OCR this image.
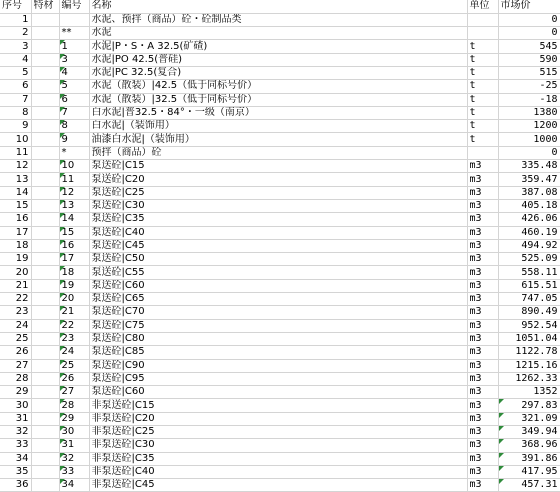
序号	特材	编号	名称	单位	市场价
1			水泥、预拌（商品）砼・砼制品类		0
2		**	水泥		0
3		1	水泥|P・S・A 32.5(矿碴)	t	545
4		3	水泥|PO 42.5(普硅)	t	590
5		4	水泥|PC 32.5(复合)	t	515
6		5	水泥（散装）|42.5（低于同标号价）	t	-25
7		6	水泥（散装）|32.5（低于同标号价）	t	-18
8		7	白水泥|普32.5・84°・一级（南京）	t	1380
9		8	白水泥|（装饰用）	t	1200
10		9	油漆白水泥|（装饰用）	t	1000
11		*	预拌（商品）砼		0
12		10	泵送砼|C15	m3	335.48
13		11	泵送砼|C20	m3	359.47
14		12	泵送砼|C25	m3	387.08
15		13	泵送砼|C30	m3	405.18
16		14	泵送砼|C35	m3	426.06
17		15	泵送砼|C40	m3	460.19
18		16	泵送砼|C45	m3	494.92
19		17	泵送砼|C50	m3	525.09
20		18	泵送砼|C55	m3	558.11
21		19	泵送砼|C60	m3	615.51
22		20	泵送砼|C65	m3	747.05
23		21	泵送砼|C70	m3	890.49
24		22	泵送砼|C75	m3	952.54
25		23	泵送砼|C80	m3	1051.04
26		24	泵送砼|C85	m3	1122.78
27		25	泵送砼|C90	m3	1215.16
28		26	泵送砼|C95	m3	1262.33
29		27	泵送砼|C60	m3	1352
30		28	非泵送砼|C15	m3	297.83
31		29	非泵送砼|C20	m3	321.09
32		30	非泵送砼|C25	m3	349.94
33		31	非泵送砼|C30	m3	368.96
34		32	非泵送砼|C35	m3	391.86
35		33	非泵送砼|C40	m3	417.95
36		34	非泵送砼|C45	m3	457.31
